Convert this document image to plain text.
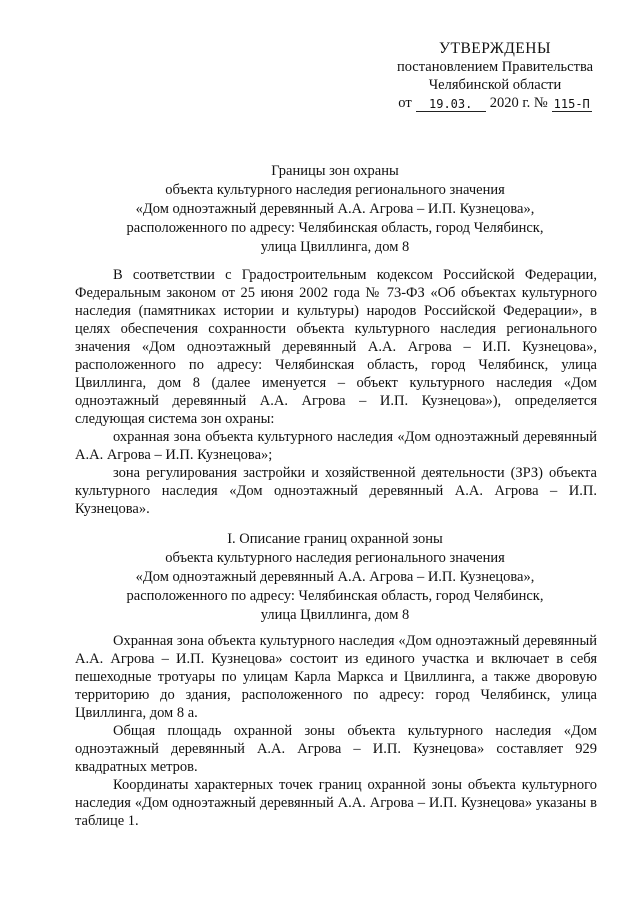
УТВЕРЖДЕНЫ
постановлением Правительства
Челябинской области
от	19.03.	2020 г. № 115-П
Границы зон охраны
объекта культурного наследия регионального значения
«Дом одноэтажный деревянный А.А. Агрова – И.П. Кузнецова»,
расположенного по адресу: Челябинская область, город Челябинск,
улица Цвиллинга, дом 8

В соответствии с Градостроительным кодексом Российской Федерации, Федеральным законом от 25 июня 2002 года № 73-ФЗ «Об объектах культурного наследия (памятниках истории и культуры) народов Российской Федерации», в целях обеспечения сохранности объекта культурного наследия регионального значения «Дом одноэтажный деревянный А.А. Агрова – И.П. Кузнецова», расположенного по адресу: Челябинская область, город Челябинск, улица Цвиллинга, дом 8 (далее именуется – объект культурного наследия «Дом одноэтажный деревянный А.А. Агрова – И.П. Кузнецова»), определяется следующая система зон охраны:

охранная зона объекта культурного наследия «Дом одноэтажный деревянный А.А. Агрова – И.П. Кузнецова»;

зона регулирования застройки и хозяйственной деятельности (ЗРЗ) объекта культурного наследия «Дом одноэтажный деревянный А.А. Агрова – И.П. Кузнецова».

I. Описание границ охранной зоны
объекта культурного наследия регионального значения
«Дом одноэтажный деревянный А.А. Агрова – И.П. Кузнецова»,
расположенного по адресу: Челябинская область, город Челябинск,
улица Цвиллинга, дом 8

Охранная зона объекта культурного наследия «Дом одноэтажный деревянный А.А. Агрова – И.П. Кузнецова» состоит из единого участка и включает в себя пешеходные тротуары по улицам Карла Маркса и Цвиллинга, а также дворовую территорию до здания, расположенного по адресу: город Челябинск, улица Цвиллинга, дом 8 а.

Общая площадь охранной зоны объекта культурного наследия «Дом одноэтажный деревянный А.А. Агрова – И.П. Кузнецова» составляет 929 квадратных метров.

Координаты характерных точек границ охранной зоны объекта культурного наследия «Дом одноэтажный деревянный А.А. Агрова – И.П. Кузнецова» указаны в таблице 1.
